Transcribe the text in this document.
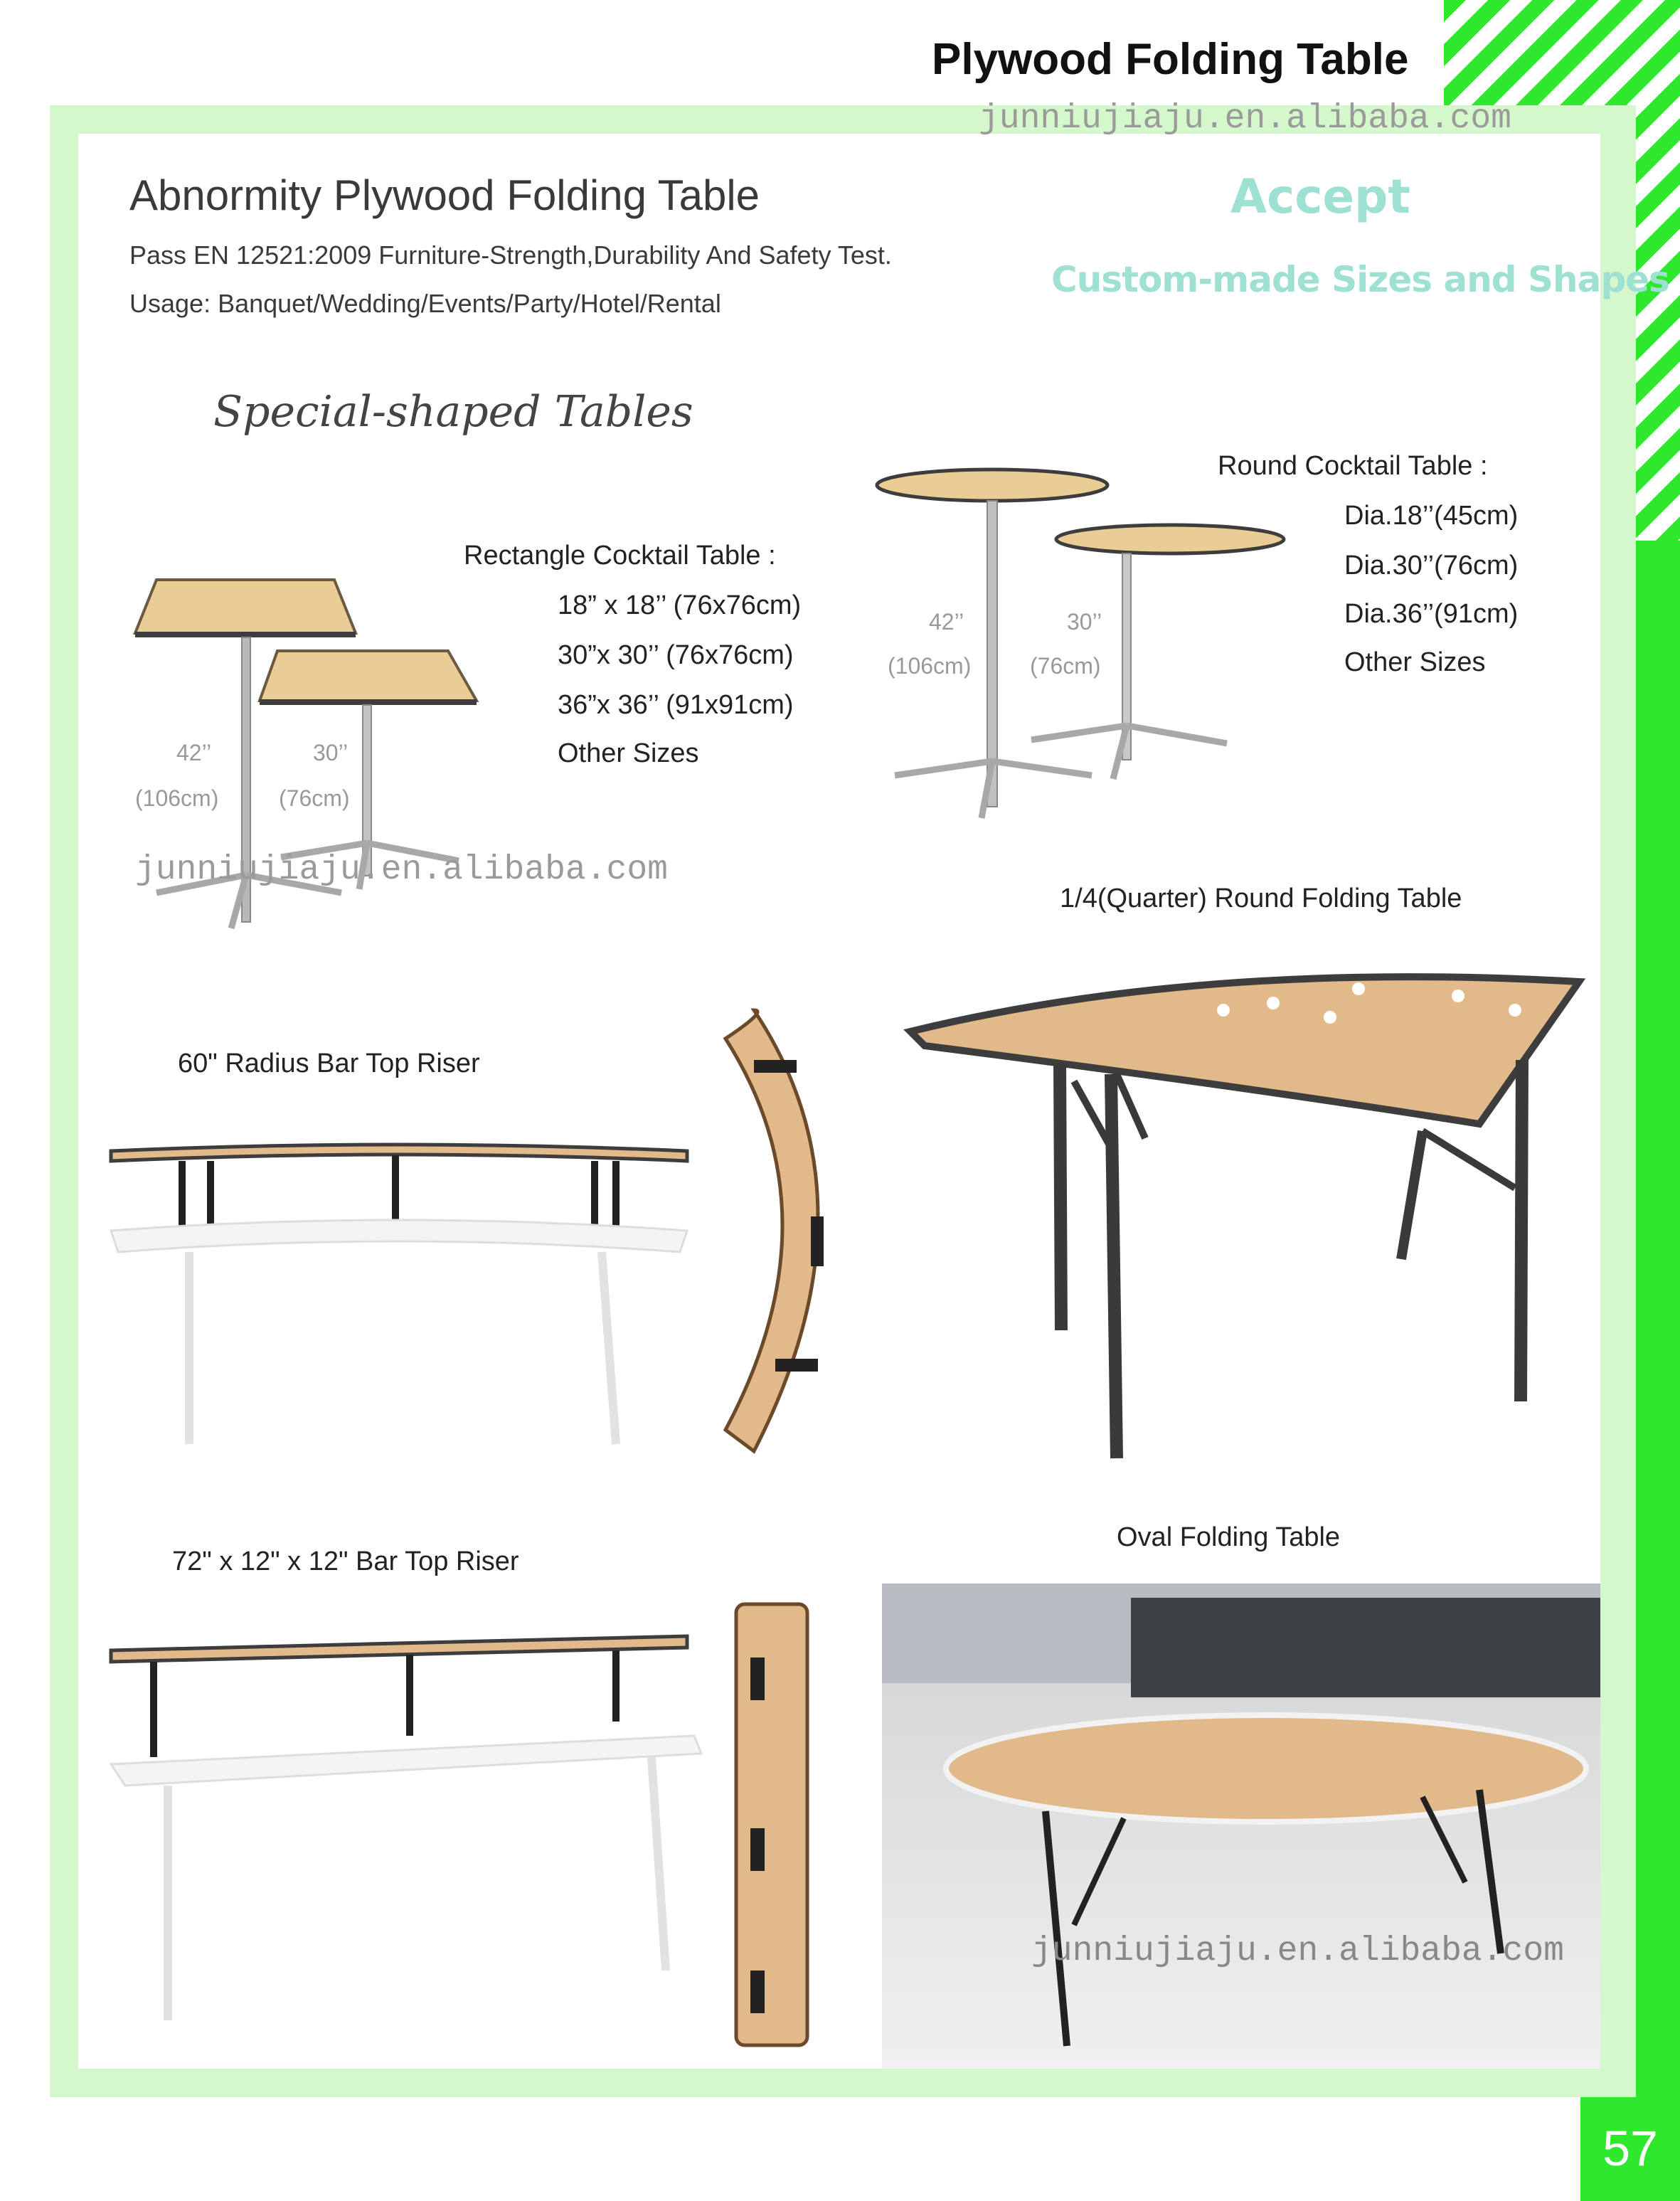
Plywood Folding Table
junniujiaju.en.alibaba.com
Abnormity Plywood Folding Table
Pass EN 12521:2009 Furniture-Strength,Durability And Safety Test.
Usage: Banquet/Wedding/Events/Party/Hotel/Rental
Accept
Custom-made Sizes and Shapes
Special-shaped Tables
42’’
(106cm)
30’’
(76cm)
junniujiaju.en.alibaba.com
Rectangle Cocktail Table :
18” x 18’’ (76x76cm)
30”x 30’’ (76x76cm)
36”x 36’’ (91x91cm)
Other Sizes
42’’
(106cm)
30’’
(76cm)
Round Cocktail Table :
Dia.18’’(45cm)
Dia.30’’(76cm)
Dia.36’’(91cm)
Other Sizes
1/4(Quarter) Round Folding Table
60" Radius Bar Top Riser
72" x 12" x 12" Bar Top Riser
Oval Folding Table
junniujiaju.en.alibaba.com
57
